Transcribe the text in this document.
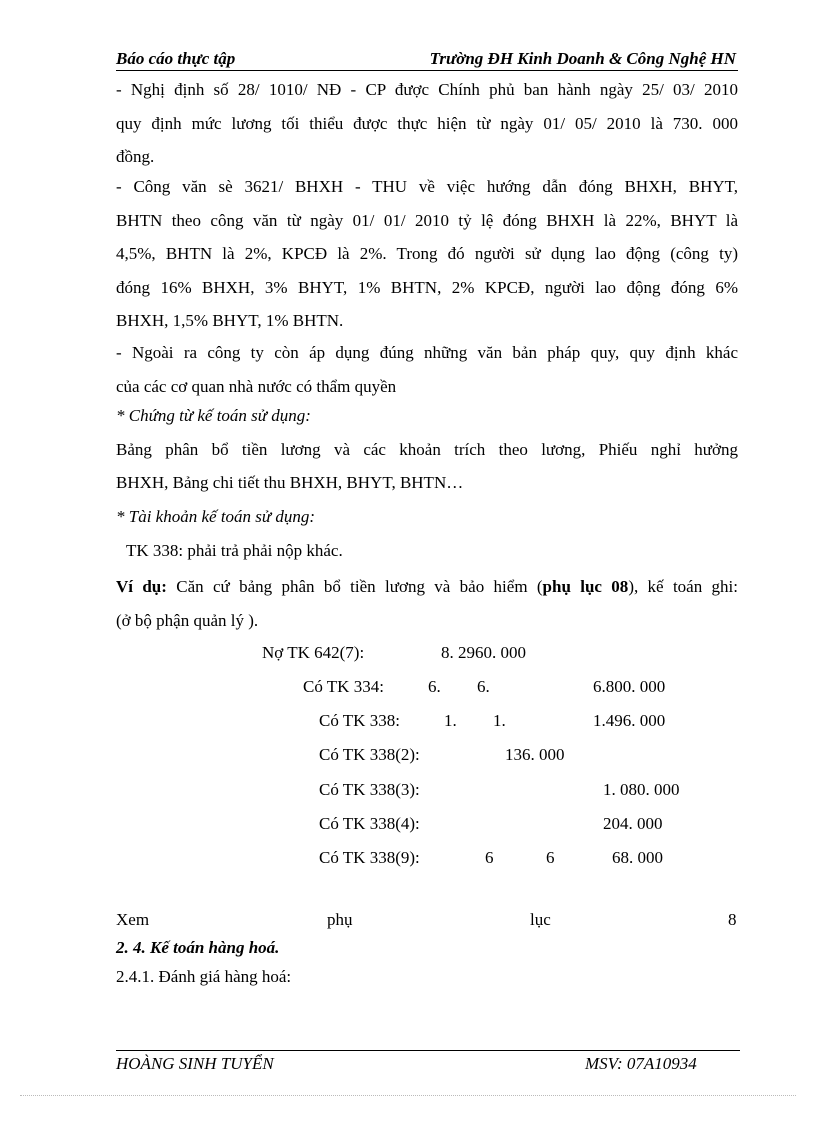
Báo cáo thực tập	Trường ĐH Kinh Doanh & Công Nghệ HN
- Nghị định số 28/ 1010/ NĐ - CP được Chính phủ ban hành ngày 25/ 03/ 2010
quy định mức lương tối thiểu được thực hiện từ ngày 01/ 05/ 2010 là 730. 000
đồng.
- Công văn sè 3621/ BHXH - THU về việc hướng dẫn đóng BHXH, BHYT,
BHTN theo công văn từ ngày 01/ 01/ 2010 tỷ lệ đóng BHXH là 22%, BHYT là
4,5%, BHTN là 2%, KPCĐ là 2%. Trong đó người sử dụng lao động (công ty)
đóng 16% BHXH, 3% BHYT, 1% BHTN, 2% KPCĐ, người lao động đóng 6%
BHXH, 1,5% BHYT, 1% BHTN.
- Ngoài ra công ty còn áp dụng đúng những văn bản pháp quy, quy định khác
của các cơ quan nhà nước có thẩm quyền
* Chứng từ kế toán sử dụng:
Bảng phân bổ tiền lương và các khoản trích theo lương, Phiếu nghỉ hưởng
BHXH, Bảng chi tiết thu BHXH, BHYT, BHTN…
* Tài khoản kế toán sử dụng:
TK 338: phải trả phải nộp khác.
Ví dụ: Căn cứ bảng phân bổ tiền lương và bảo hiểm (phụ lục 08), kế toán ghi:
(ở bộ phận quản lý ).
Nợ TK 642(7):	8. 2960. 000
Có TK 334:	6. 6.	6.800. 000
Có TK 338:	1. 1.	1.496. 000
Có TK 338(2):	136. 000
Có TK 338(3):	1. 080. 000
Có TK 338(4):	204. 000
Có TK 338(9):	6	6	68. 000
Xem	phụ	lục	8
2. 4. Kế toán hàng hoá.
2.4.1. Đánh giá hàng hoá:
HOÀNG SINH TUYỂN	MSV: 07A10934
